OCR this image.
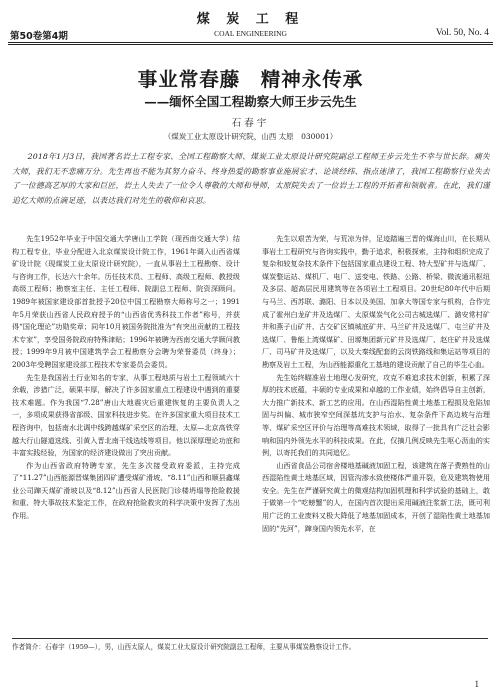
煤 炭 工 程
第50卷第4期	COAL ENGINEERING	Vol. 50, No. 4
事业常春藤　精神永传承
——缅怀全国工程勘察大师王步云先生
石春宇
（煤炭工业太原设计研究院，山西 太原　030001）
2018年1月3日，我国著名岩土工程专家、全国工程勘察大师、煤炭工业太原设计研究院副总工程师王步云先生不幸与世长辞。痛失大师，我们无不悲痛万分。先生再也不能为其努力奋斗、终身热爱的勘察事业施展宏才、论谈经纬、指点迷津了，我国工程勘察行业失去了一位德高艺厚的大家和巨匠，岩土人失去了一位令人尊敬的大师和导师，太原院失去了一位岩土工程的开拓者和领航者。在此，我们谨追忆大师的点滴足迹，以表达我们对先生的敬仰和哀思。

先生1952年毕业于中国交通大学唐山工学院（现西南交通大学）结构工程专业，毕业分配进入北京煤炭设计院工作，1961年调入山西省煤矿设计院（现煤炭工业太原设计研究院），一直从事岩土工程勘察、设计与咨询工作，长达六十余年。历任技术员、工程师、高级工程师、教授级高级工程师；勘察室主任、主任工程师、院副总工程师、院资深顾问。1989年被国家建设部首批授予20位中国工程勘察大师称号之一；1991年5月荣获山西省人民政府授予的“山西省优秀科技工作者”称号，并获得“国化理论”功勋奖章；同年10月被国务院批准为“有突出贡献的工程技术专家”，享受国务院政府特殊津贴；1996年被聘为西南交通大学顾问教授；1999年9月被中国建筑学会工程勘察分会聘为荣誉委员（终身）；2003年受聘国家建设部工程技术专家委员会委员。

先生是我国岩土行业知名的专家，从事工程地质与岩土工程领域六十余载，涉猎广泛，硕果丰厚，解决了许多国家重点工程建设中遇到的重要技术难题。作为我国“7.28”唐山大地震灾后重建恢复的主要负责人之一，多项成果获得省部级、国家科技进步奖。在许多国家重大项目技术工程咨询中，包括南水北调中线跨越煤矿采空区的治理、太原—北京高铁穿越大行山隧道选线、引黄入晋北南干线选线等项目。他以深厚理论功底和丰富实践经验，为国家的经济建设做出了突出贡献。

作为山西省政府特聘专家，先生多次接受政府委派，主持完成了“11.27”山西能源晋煤集团四矿遭受煤矿滑坡、“8.11”山西和顺县鑫煤业公司蹿天煤矿滑坡以及“8.12”山西省人民医院门诊楼坍塌等抢险救援和重、特大事故技术鉴定工作，在政府抢险救灾的科学决策中发挥了杰出作用。

先生以艰苦为荣，与荒凉为伴，足迹踏遍三晋的煤海山川，在长期从事岩土工程研究与咨询实践中，勤于追求，积极探索，主持和组织完成了复杂和较复杂技术条件下包括国家重点建设工程、特大型矿井与选煤厂、煤炭整运站、煤机厂、电厂、送变电、铁路、公路、桥梁、微波通讯枢纽及多层、超高层民用建筑等在各项岩土工程项目。20世纪80年代中后期与马兰、西苏联、潞阳、日本以及美国、加拿大等国专家与机构，合作完成了霍州白龙矿井及选煤厂、太原煤炭气化公司古城选煤厂、潞安常村矿井和燕子山矿井、古交矿区镇城底矿井、马兰矿井及选煤厂、屯兰矿井及选煤厂、鲁能上湾煤煤矿、田塬集团新元矿井及选煤厂、赵庄矿井及选煤厂、司马矿井及选煤厂，以及大秦线配套的云岗铁路线和集运站等项目的勘察及岩土工程，为山西能源重化工基地的建设贡献了自己的毕生心血。

先生始终瞄准岩土地理心发研究，攻克不难追求技术创新，积累了深厚的技术底蕴，丰硕的专业成果和卓越的工作业绩，始终倡导自主创新，大力推广新技术、新工艺的应用。在山西湿陷性黄土地基工程损及危陷加固与纠偏、城市狭窄空间深基坑支护与治水、复杂条件下高边坡与治理等、煤矿采空区评价与治理等高难技术领域，取得了一批具有广泛社会影响和国内外领先水平的科技成果。在此，仅摘几例反映先生呕心沥血的实例，以寄托我们的共同追忆。

山西省食品公司宿舍楼地基碱液加固工程，该建筑在落子费熟性的山西湿陷性黄土地基区域，因管沟渗水致使楼体严重开裂，危及建筑物使用安全。先生在严谨研究黄土的微观结构加固机理和科学试验的基础上，敢于做第一个“吃螃蟹”的人，在国内首次提出采用碱液注浆新工法，既可利用广泛的工业废料又极大降低了地基加固成本，开创了湿陷性黄土地基加固的“先河”，蹿身国内领先水平，在

作者简介：石春宇（1959—），男，山西太原人，煤炭工业太原设计研究院副总工程师，主要从事煤炭勘察设计工作。
1
